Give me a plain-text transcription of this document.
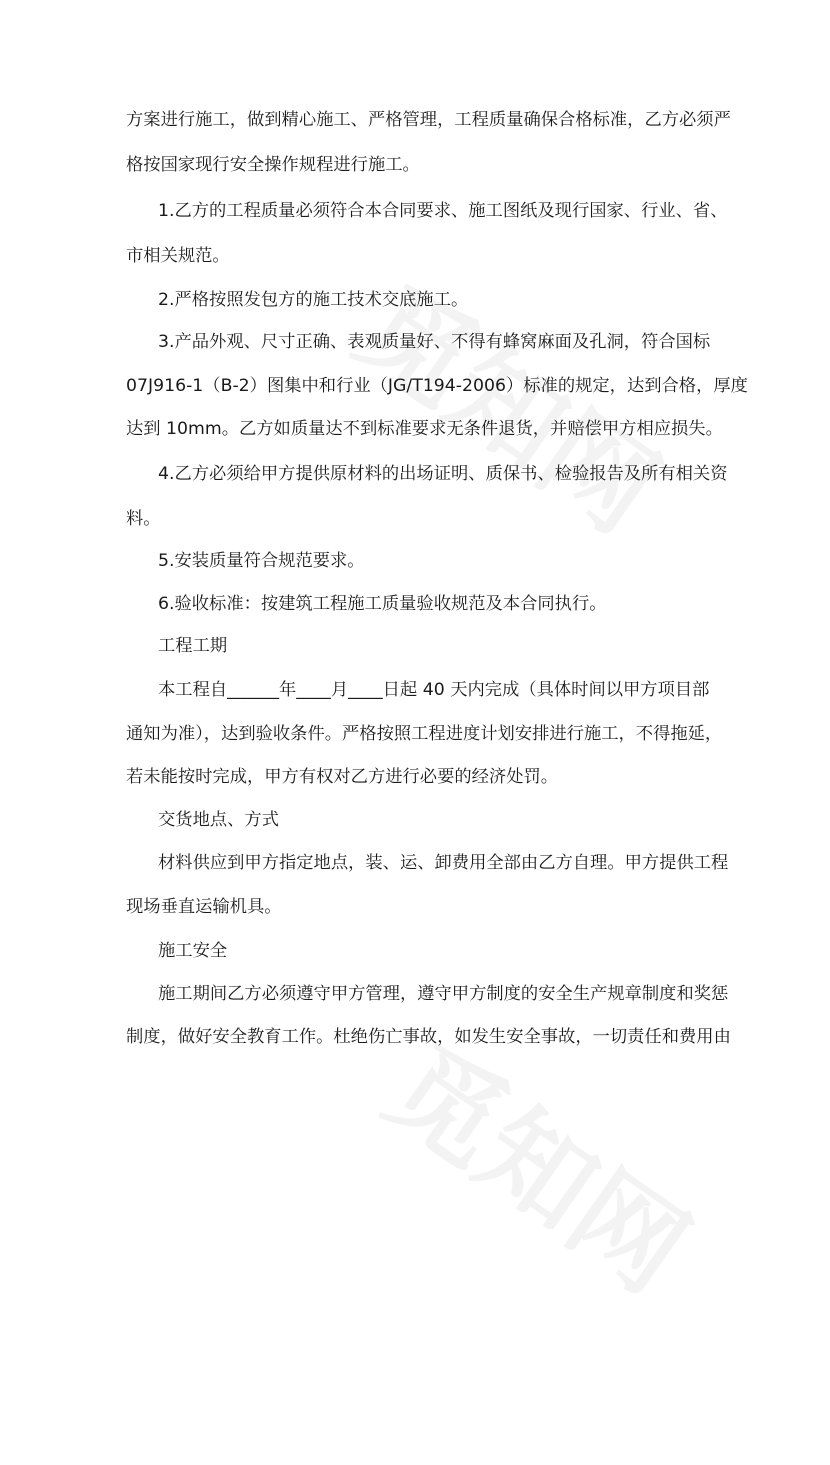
方案进行施工，做到精心施工、严格管理，工程质量确保合格标准，乙方必须严
格按国家现行安全操作规程进行施工。
1.乙方的工程质量必须符合本合同要求、施工图纸及现行国家、行业、省、
市相关规范。
2.严格按照发包方的施工技术交底施工。
3.产品外观、尺寸正确、表观质量好、不得有蜂窝麻面及孔洞，符合国标
07J916-1（B-2）图集中和行业（JG/T194-2006）标准的规定，达到合格，厚度
达到 10mm。乙方如质量达不到标准要求无条件退货，并赔偿甲方相应损失。
4.乙方必须给甲方提供原材料的出场证明、质保书、检验报告及所有相关资
料。
5.安装质量符合规范要求。
6.验收标准：按建筑工程施工质量验收规范及本合同执行。
工程工期
本工程自______年____月____日起 40 天内完成（具体时间以甲方项目部
通知为准），达到验收条件。严格按照工程进度计划安排进行施工，不得拖延，
若未能按时完成，甲方有权对乙方进行必要的经济处罚。
交货地点、方式
材料供应到甲方指定地点，装、运、卸费用全部由乙方自理。甲方提供工程
现场垂直运输机具。
施工安全
施工期间乙方必须遵守甲方管理，遵守甲方制度的安全生产规章制度和奖惩
制度，做好安全教育工作。杜绝伤亡事故，如发生安全事故，一切责任和费用由
